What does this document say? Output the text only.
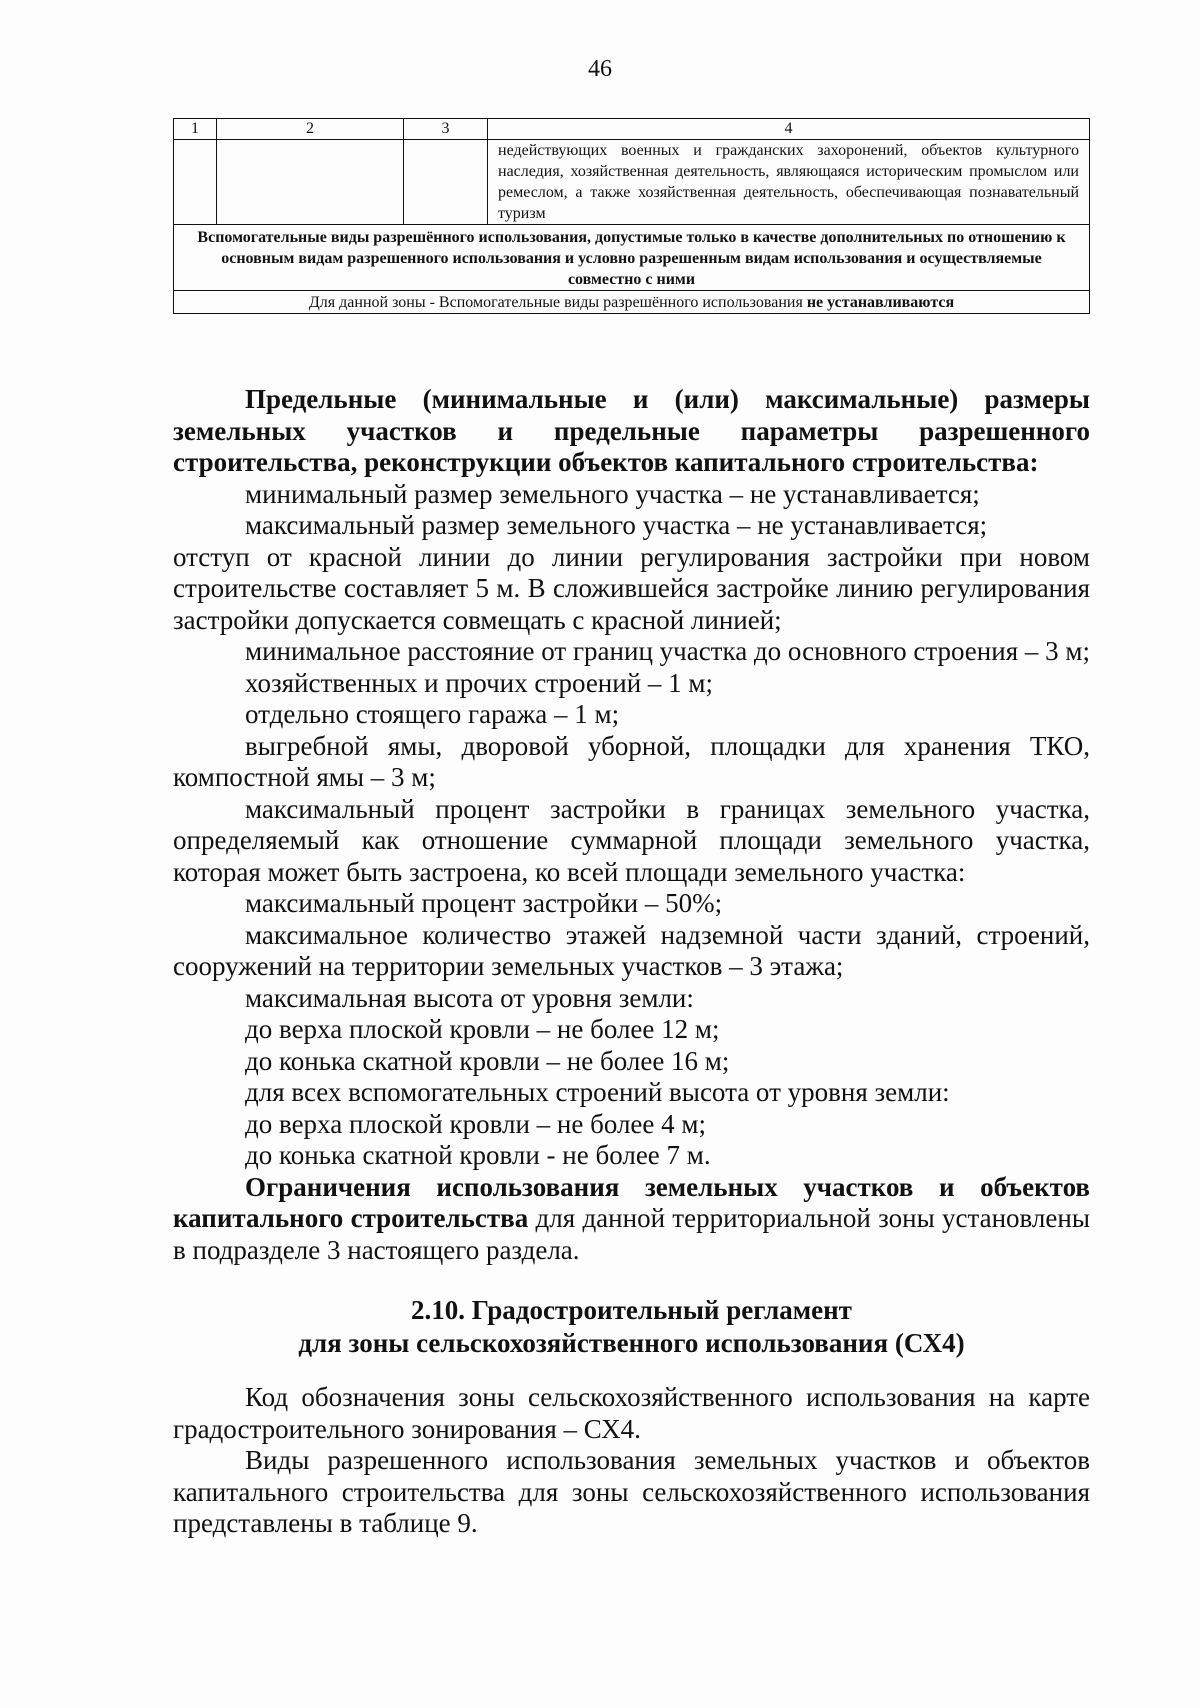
46
1	2	3	4
			недействующих военных и гражданских захоронений, объектов культурного наследия, хозяйственная деятельность, являющаяся историческим промыслом или ремеслом, а также хозяйственная деятельность, обеспечивающая познавательный туризм
Вспомогательные виды разрешённого использования, допустимые только в качестве дополнительных по отношению к основным видам разрешенного использования и условно разрешенным видам использования и осуществляемые совместно с ними			
Для данной зоны - Вспомогательные виды разрешённого использования не устанавливаются			

Предельные (минимальные и (или) максимальные) размеры земельных участков и предельные параметры разрешенного строительства, реконструкции объектов капитального строительства:

минимальный размер земельного участка – не устанавливается;

максимальный размер земельного участка – не устанавливается;

отступ от красной линии до линии регулирования застройки при новом строительстве составляет 5 м. В сложившейся застройке линию регулирования застройки допускается совмещать с красной линией;

минимальное расстояние от границ участка до основного строения – 3 м;

хозяйственных и прочих строений – 1 м;

отдельно стоящего гаража – 1 м;

выгребной ямы, дворовой уборной, площадки для хранения ТКО, компостной ямы – 3 м;

максимальный процент застройки в границах земельного участка, определяемый как отношение суммарной площади земельного участка, которая может быть застроена, ко всей площади земельного участка:

максимальный процент застройки – 50%;

максимальное количество этажей надземной части зданий, строений, сооружений на территории земельных участков – 3 этажа;

максимальная высота от уровня земли:

до верха плоской кровли – не более 12 м;

до конька скатной кровли – не более 16 м;

для всех вспомогательных строений высота от уровня земли:

до верха плоской кровли – не более 4 м;

до конька скатной кровли - не более 7 м.

Ограничения использования земельных участков и объектов капитального строительства для данной территориальной зоны установлены в подразделе 3 настоящего раздела.

2.10. Градостроительный регламент
для зоны сельскохозяйственного использования (СХ4)

Код обозначения зоны сельскохозяйственного использования на карте градостроительного зонирования – СХ4.

Виды разрешенного использования земельных участков и объектов капитального строительства для зоны сельскохозяйственного использования представлены в таблице 9.
